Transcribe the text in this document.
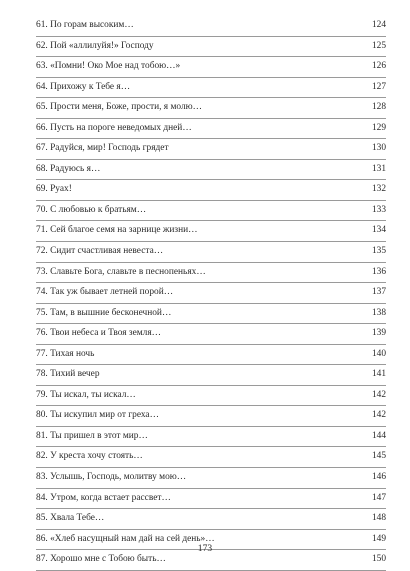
61. По горам высоким…	124
62. Пой «аллилуйя!» Господу	125
63. «Помни! Око Мое над тобою…»	126
64. Прихожу к Тебе я…	127
65. Прости меня, Боже, прости, я молю…	128
66. Пусть на пороге неведомых дней…	129
67. Радуйся, мир! Господь грядет	130
68. Радуюсь я…	131
69. Руах!	132
70. С любовью к братьям…	133
71. Сей благое семя на зарнице жизни…	134
72. Сидит счастливая невеста…	135
73. Славьте Бога, славьте в песнопеньях…	136
74. Так уж бывает летней порой…	137
75. Там, в вышние бесконечной…	138
76. Твои небеса и Твоя земля…	139
77. Тихая ночь	140
78. Тихий вечер	141
79. Ты искал, ты искал…	142
80. Ты искупил мир от греха…	142
81. Ты пришел в этот мир…	144
82. У креста хочу стоять…	145
83. Услышь, Господь, молитву мою…	146
84. Утром, когда встает рассвет…	147
85. Хвала Тебе…	148
86. «Хлеб насущный нам дай на сей день»…	149
87. Хорошо мне с Тобою быть…	150
173
